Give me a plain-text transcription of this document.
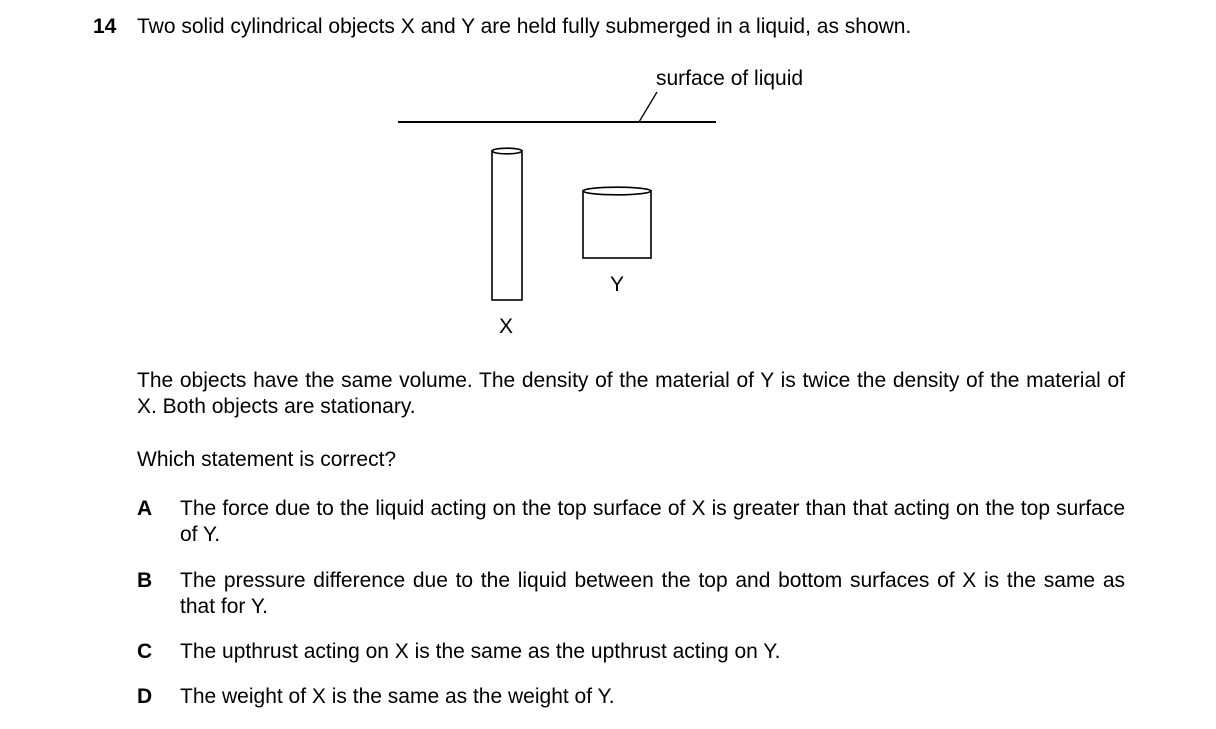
14 Two solid cylindrical objects X and Y are held fully submerged in a liquid, as shown.
surface of liquid
X
Y
The objects have the same volume. The density of the material of Y is twice the density of the material of X. Both objects are stationary.
Which statement is correct?
A The force due to the liquid acting on the top surface of X is greater than that acting on the top surface of Y.
B The pressure difference due to the liquid between the top and bottom surfaces of X is the same as that for Y.
C The upthrust acting on X is the same as the upthrust acting on Y.
D The weight of X is the same as the weight of Y.
